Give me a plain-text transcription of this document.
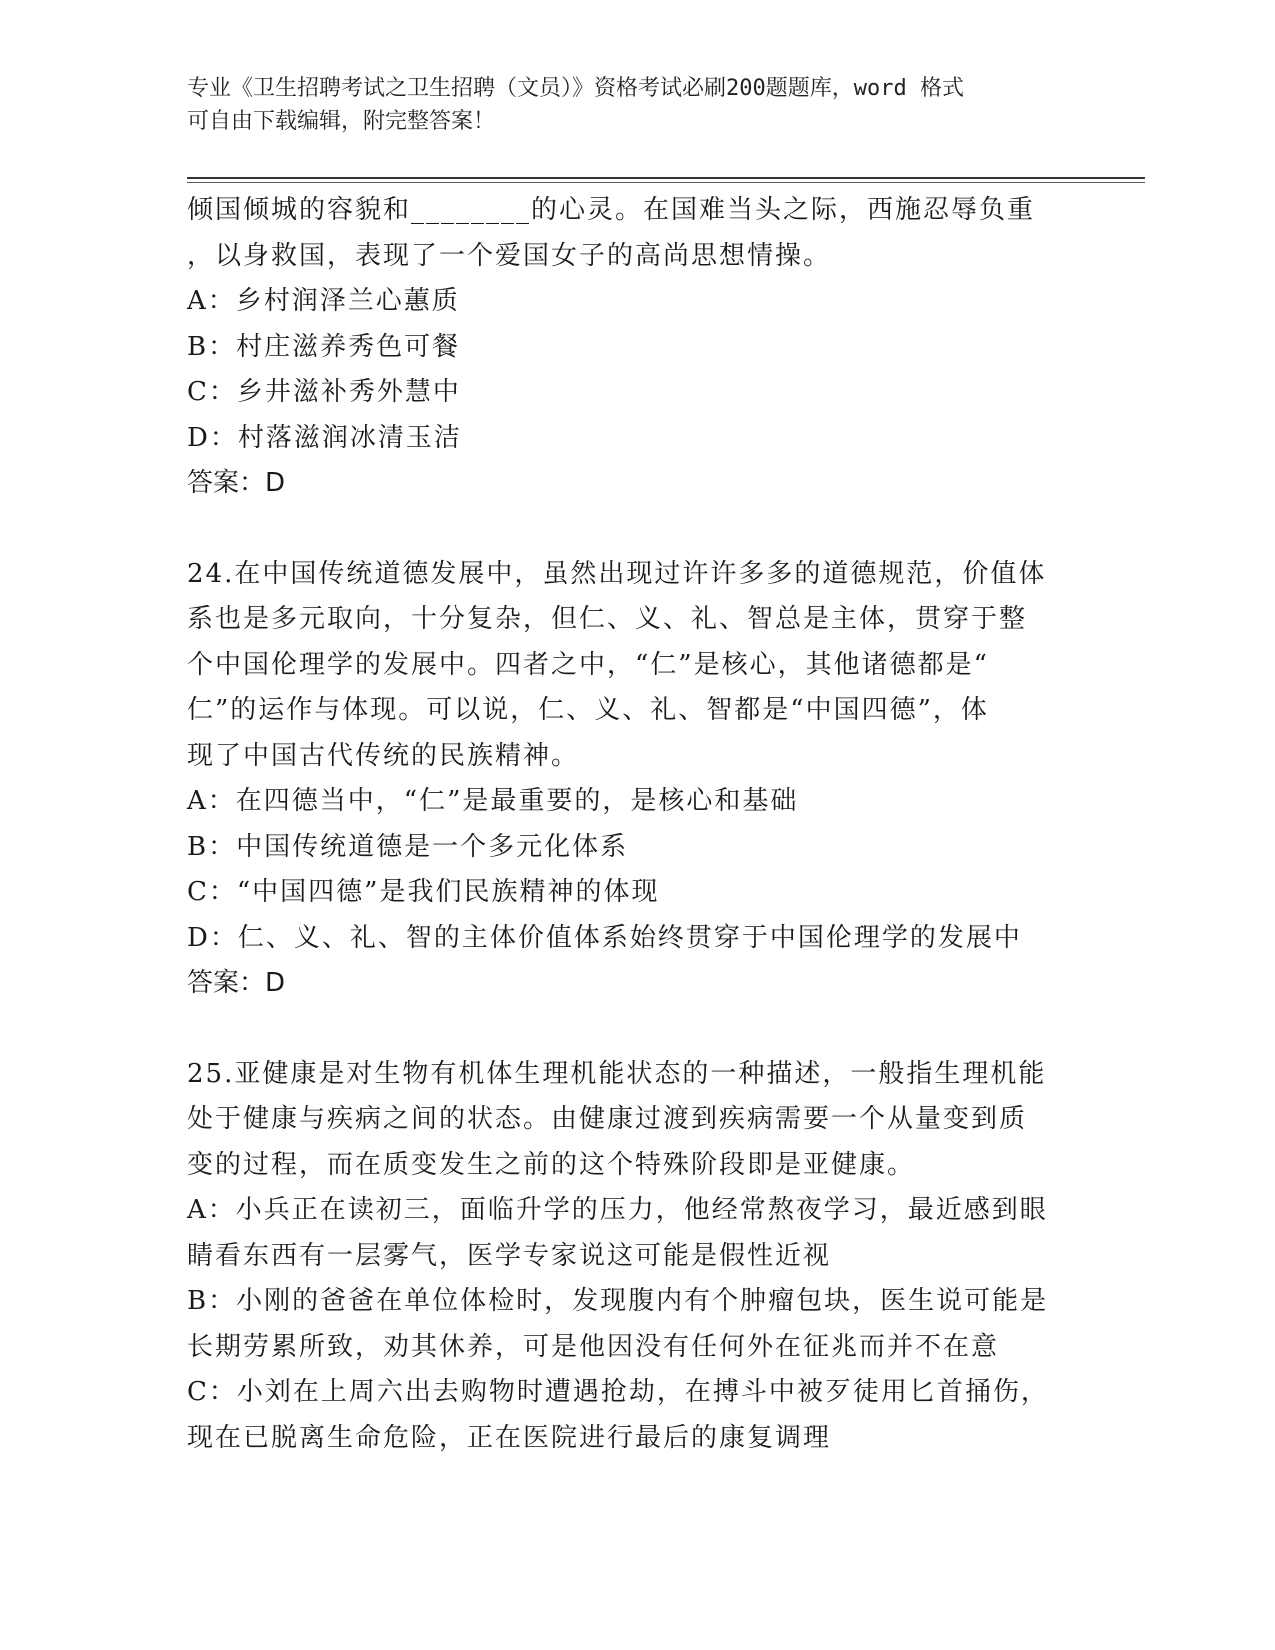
专业《卫生招聘考试之卫生招聘（文员）》资格考试必刷200题题库，word 格式
可自由下载编辑，附完整答案！
倾国倾城的容貌和________的心灵。在国难当头之际，西施忍辱负重
，以身救国，表现了一个爱国女子的高尚思想情操。
A：乡村润泽兰心蕙质
B：村庄滋养秀色可餐
C：乡井滋补秀外慧中
D：村落滋润冰清玉洁
答案：D
24.在中国传统道德发展中，虽然出现过许许多多的道德规范，价值体
系也是多元取向，十分复杂，但仁、义、礼、智总是主体，贯穿于整
个中国伦理学的发展中。四者之中，“仁”是核心，其他诸德都是“
仁”的运作与体现。可以说，仁、义、礼、智都是“中国四德”，体
现了中国古代传统的民族精神。
A：在四德当中，“仁”是最重要的，是核心和基础
B：中国传统道德是一个多元化体系
C：“中国四德”是我们民族精神的体现
D：仁、义、礼、智的主体价值体系始终贯穿于中国伦理学的发展中
答案：D
25.亚健康是对生物有机体生理机能状态的一种描述，一般指生理机能
处于健康与疾病之间的状态。由健康过渡到疾病需要一个从量变到质
变的过程，而在质变发生之前的这个特殊阶段即是亚健康。
A：小兵正在读初三，面临升学的压力，他经常熬夜学习，最近感到眼
睛看东西有一层雾气，医学专家说这可能是假性近视
B：小刚的爸爸在单位体检时，发现腹内有个肿瘤包块，医生说可能是
长期劳累所致，劝其休养，可是他因没有任何外在征兆而并不在意
C：小刘在上周六出去购物时遭遇抢劫，在搏斗中被歹徒用匕首捅伤，
现在已脱离生命危险，正在医院进行最后的康复调理
